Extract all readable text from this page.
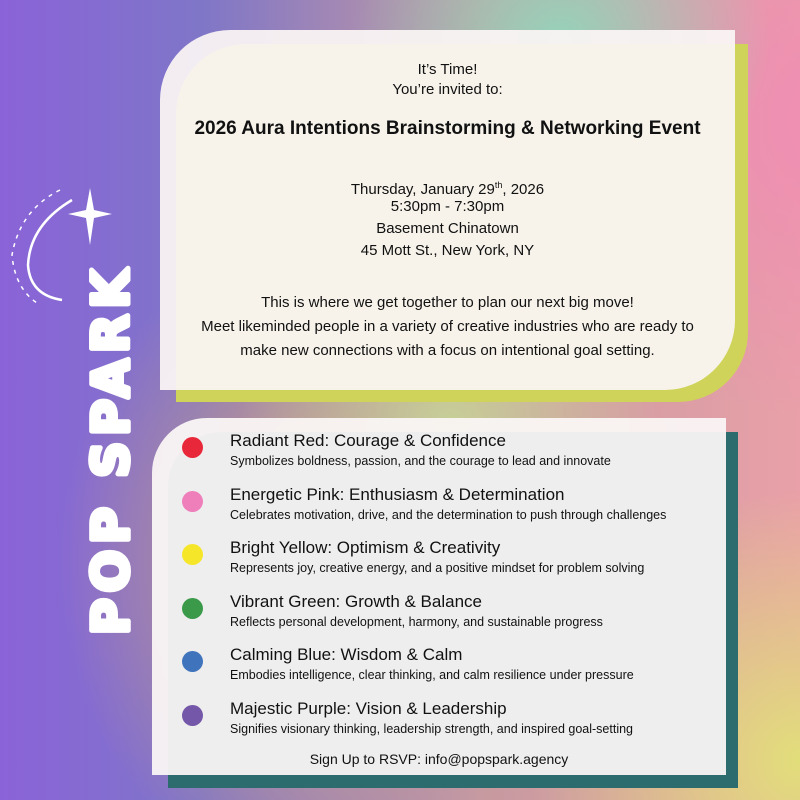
POP SPARK
It’s Time!
You’re invited to:
2026 Aura Intentions Brainstorming & Networking Event
Thursday, January 29th, 2026
5:30pm - 7:30pm
Basement Chinatown
45 Mott St., New York, NY
This is where we get together to plan our next big move!
Meet likeminded people in a variety of creative industries who are ready to
make new connections with a focus on intentional goal setting.
Radiant Red: Courage & Confidence
Symbolizes boldness, passion, and the courage to lead and innovate
Energetic Pink: Enthusiasm & Determination
Celebrates motivation, drive, and the determination to push through challenges
Bright Yellow: Optimism & Creativity
Represents joy, creative energy, and a positive mindset for problem solving
Vibrant Green: Growth & Balance
Reflects personal development, harmony, and sustainable progress
Calming Blue: Wisdom & Calm
Embodies intelligence, clear thinking, and calm resilience under pressure
Majestic Purple: Vision & Leadership
Signifies visionary thinking, leadership strength, and inspired goal-setting
Sign Up to RSVP: info@popspark.agency
